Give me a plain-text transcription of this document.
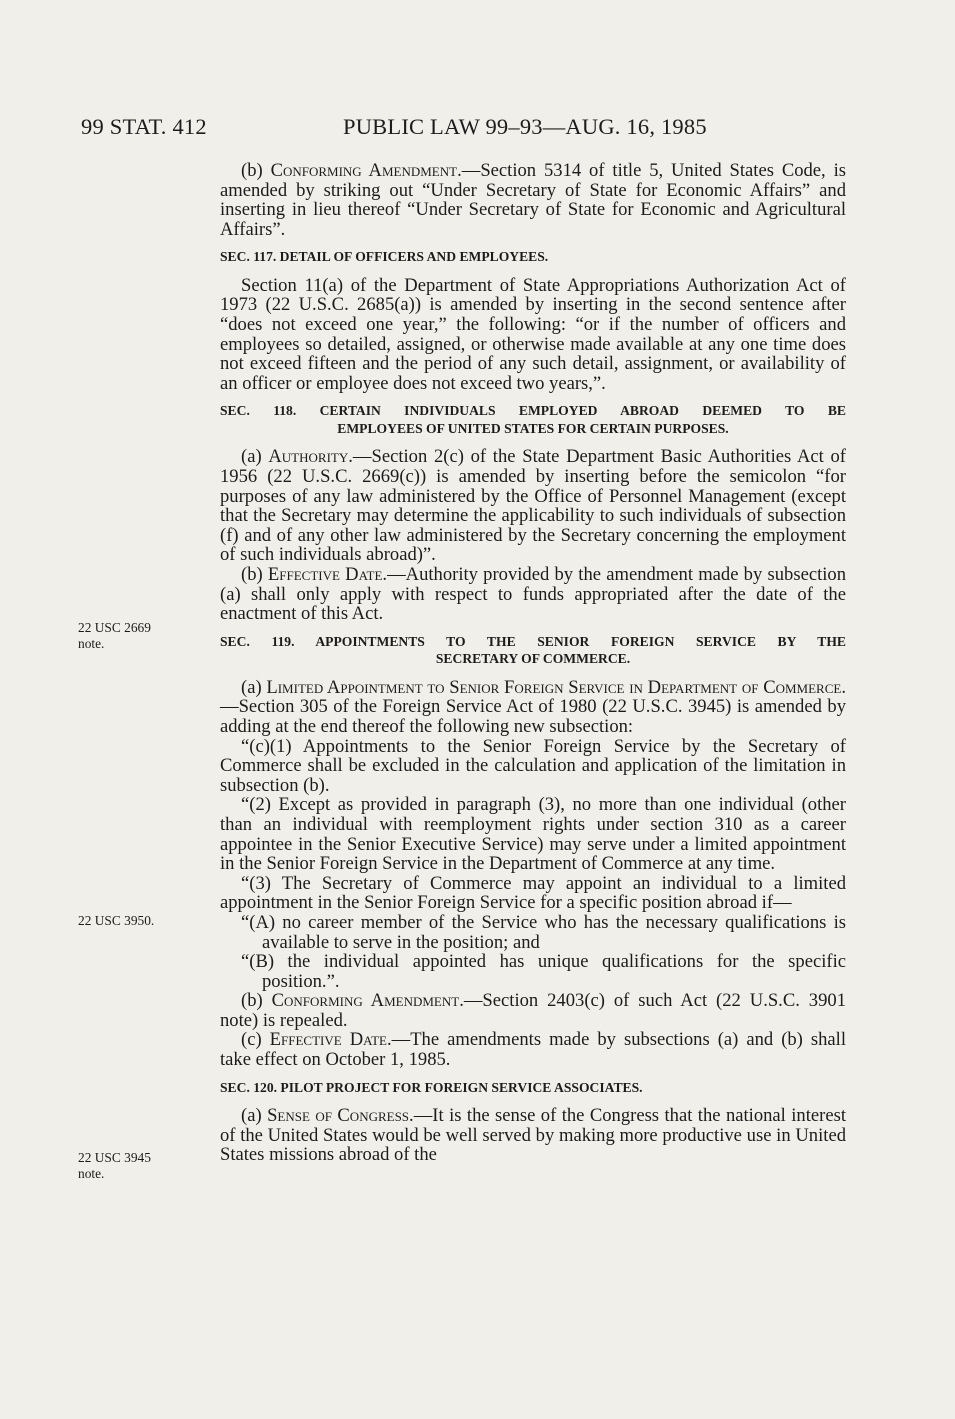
99 STAT. 412	PUBLIC LAW 99–93—AUG. 16, 1985
22 USC 2669
note.
22 USC 3950.
22 USC 3945
note.

(b) Conforming Amendment.—Section 5314 of title 5, United States Code, is amended by striking out “Under Secretary of State for Economic Affairs” and inserting in lieu thereof “Under Secretary of State for Economic and Agricultural Affairs”.

SEC. 117. DETAIL OF OFFICERS AND EMPLOYEES.

Section 11(a) of the Department of State Appropriations Authorization Act of 1973 (22 U.S.C. 2685(a)) is amended by inserting in the second sentence after “does not exceed one year,” the following: “or if the number of officers and employees so detailed, assigned, or otherwise made available at any one time does not exceed fifteen and the period of any such detail, assignment, or availability of an officer or employee does not exceed two years,”.

SEC. 118. CERTAIN INDIVIDUALS EMPLOYED ABROAD DEEMED TO BE
EMPLOYEES OF UNITED STATES FOR CERTAIN PURPOSES.

(a) Authority.—Section 2(c) of the State Department Basic Authorities Act of 1956 (22 U.S.C. 2669(c)) is amended by inserting before the semicolon “for purposes of any law administered by the Office of Personnel Management (except that the Secretary may determine the applicability to such individuals of subsection (f) and of any other law administered by the Secretary concerning the employment of such individuals abroad)”.

(b) Effective Date.—Authority provided by the amendment made by subsection (a) shall only apply with respect to funds appropriated after the date of the enactment of this Act.

SEC. 119. APPOINTMENTS TO THE SENIOR FOREIGN SERVICE BY THE
SECRETARY OF COMMERCE.

(a) Limited Appointment to Senior Foreign Service in Department of Commerce.—Section 305 of the Foreign Service Act of 1980 (22 U.S.C. 3945) is amended by adding at the end thereof the following new subsection:

“(c)(1) Appointments to the Senior Foreign Service by the Secretary of Commerce shall be excluded in the calculation and application of the limitation in subsection (b).

“(2) Except as provided in paragraph (3), no more than one individual (other than an individual with reemployment rights under section 310 as a career appointee in the Senior Executive Service) may serve under a limited appointment in the Senior Foreign Service in the Department of Commerce at any time.

“(3) The Secretary of Commerce may appoint an individual to a limited appointment in the Senior Foreign Service for a specific position abroad if—

“(A) no career member of the Service who has the necessary qualifications is available to serve in the position; and

“(B) the individual appointed has unique qualifications for the specific position.”.

(b) Conforming Amendment.—Section 2403(c) of such Act (22 U.S.C. 3901 note) is repealed.

(c) Effective Date.—The amendments made by subsections (a) and (b) shall take effect on October 1, 1985.

SEC. 120. PILOT PROJECT FOR FOREIGN SERVICE ASSOCIATES.

(a) Sense of Congress.—It is the sense of the Congress that the national interest of the United States would be well served by making more productive use in United States missions abroad of the
